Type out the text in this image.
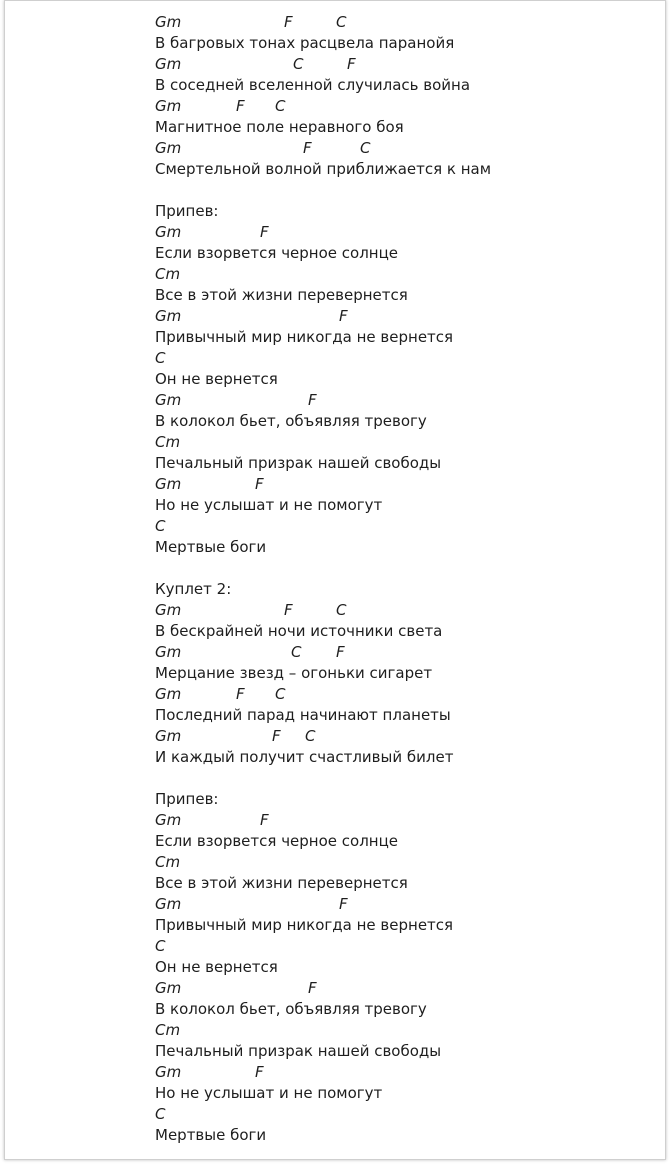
Gm	F	C
В багровых тонах расцвела паранойя
Gm	C	F
В соседней вселенной случилась война
Gm	F C
Магнитное поле неравного боя
Gm	F	C
Смертельной волной приближается к нам
Припев:
Gm	F
Если взорвется черное солнце
Cm
Все в этой жизни перевернется
Gm	F
Привычный мир никогда не вернется
C
Он не вернется
Gm	F
В колокол бьет, объявляя тревогу
Cm
Печальный призрак нашей свободы
Gm	F
Но не услышат и не помогут
C
Мертвые боги
Куплет 2:
Gm	F	C
В бескрайней ночи источники света
Gm	C F
Мерцание звезд – огоньки сигарет
Gm	F C
Последний парад начинают планеты
Gm	F C
И каждый получит счастливый билет
Припев:
Gm	F
Если взорвется черное солнце
Cm
Все в этой жизни перевернется
Gm	F
Привычный мир никогда не вернется
C
Он не вернется
Gm	F
В колокол бьет, объявляя тревогу
Cm
Печальный призрак нашей свободы
Gm	F
Но не услышат и не помогут
C
Мертвые боги
